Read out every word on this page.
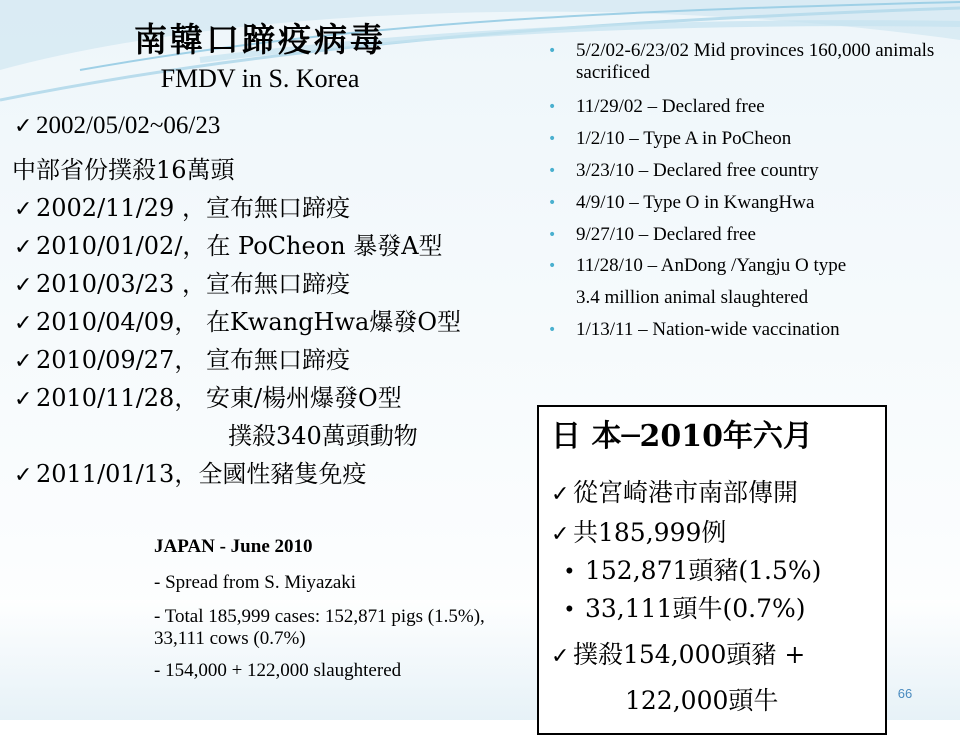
南韓口蹄疫病毒
FMDV in S. Korea
✓ 2002/05/02~06/23
中部省份撲殺16萬頭
✓ 2002/11/29 ，宣布無口蹄疫
✓ 2010/01/02/，在 PoCheon 暴發A型
✓ 2010/03/23 ，宣布無口蹄疫
✓ 2010/04/09， 在KwangHwa爆發O型
✓ 2010/09/27， 宣布無口蹄疫
✓ 2010/11/28， 安東/楊州爆發O型
撲殺340萬頭動物
✓ 2011/01/13，全國性豬隻免疫
• 5/2/02-6/23/02 Mid provinces 160,000 animals sacrificed
• 11/29/02 – Declared free
• 1/2/10 – Type A in PoCheon
• 3/23/10 – Declared free country
• 4/9/10 – Type O in KwangHwa
• 9/27/10 – Declared free
• 11/28/10 – AnDong /Yangju O type
3.4 million animal slaughtered
• 1/13/11 – Nation-wide vaccination
日 本─2010年六月
✓ 從宮崎港市南部傳開
✓ 共185,999例
• 152,871頭豬(1.5%)
• 33,111頭牛(0.7%)
✓ 撲殺154,000頭豬 +
122,000頭牛
JAPAN - June 2010
- Spread from S. Miyazaki
- Total 185,999 cases: 152,871 pigs (1.5%), 33,111 cows (0.7%)
- 154,000 + 122,000 slaughtered
66
